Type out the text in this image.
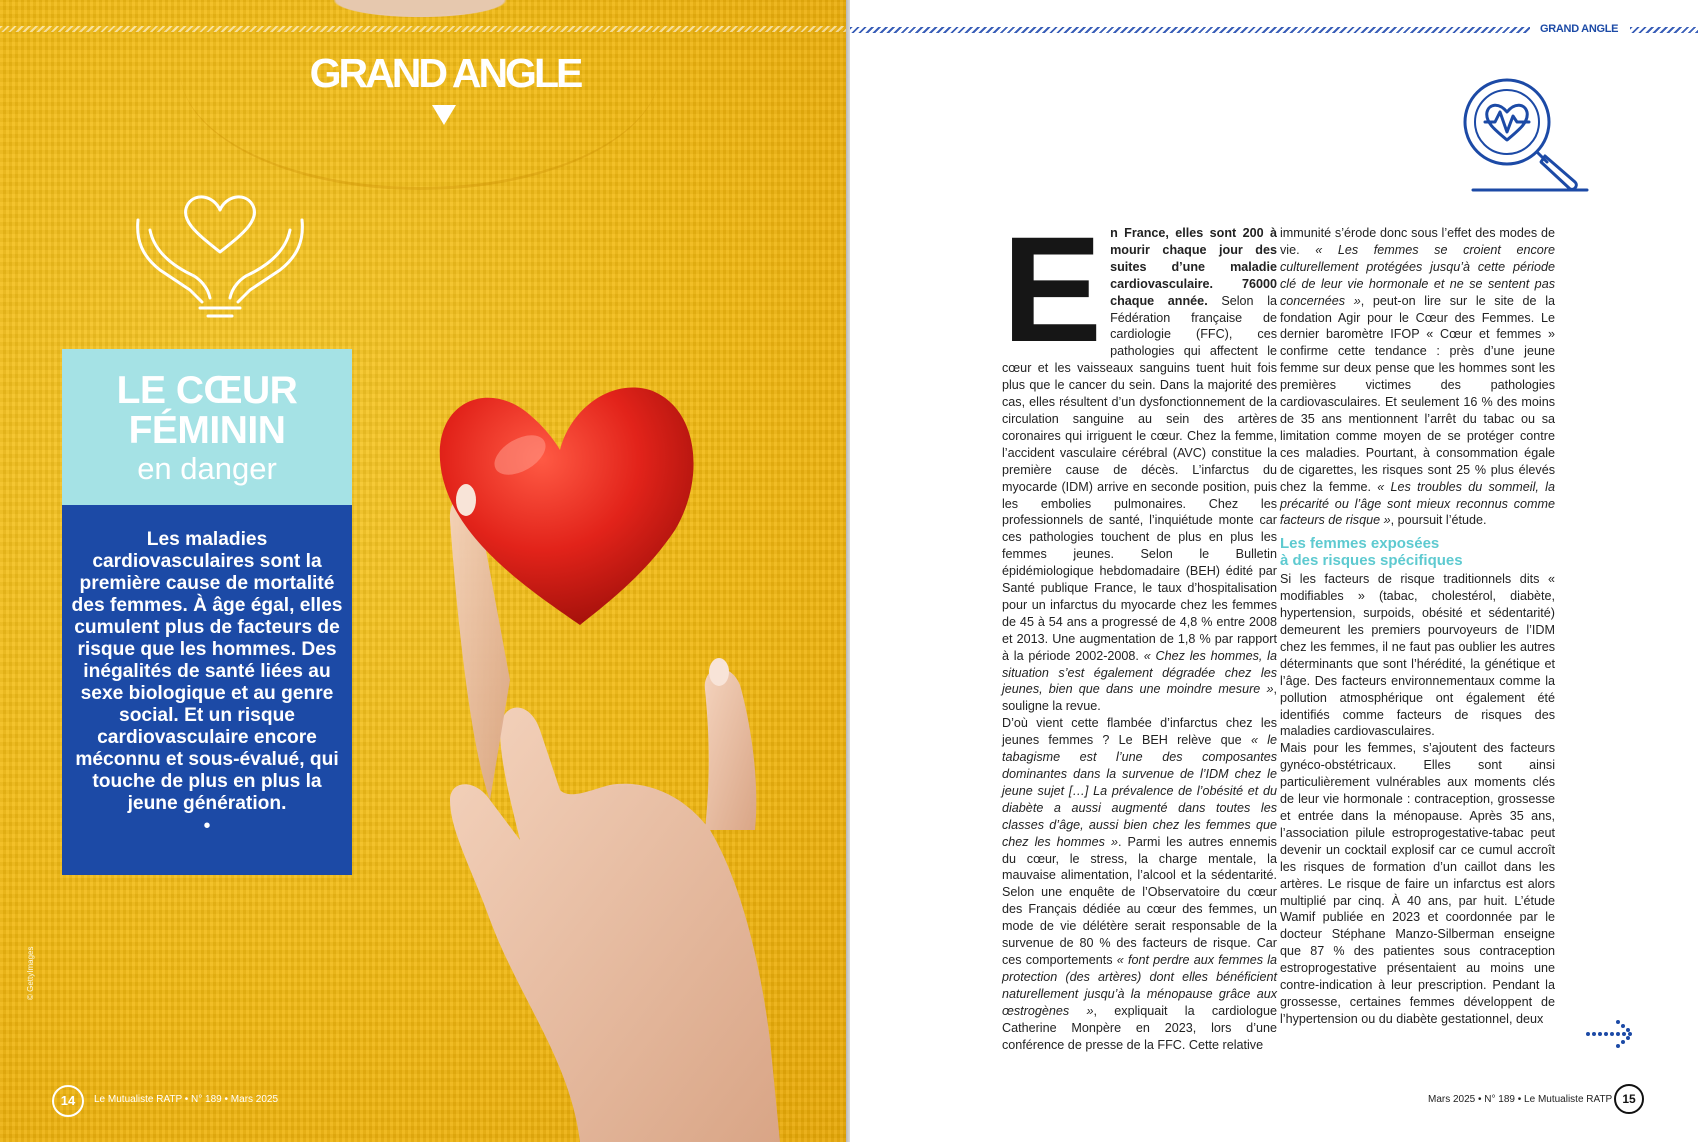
GRAND ANGLE
LE CŒUR
FÉMININ
en danger
Les maladies cardiovasculaires sont la première cause de mortalité des femmes. À âge égal, elles cumulent plus de facteurs de risque que les hommes. Des inégalités de santé liées au sexe biologique et au genre social. Et un risque cardiovasculaire encore méconnu et sous-évalué, qui touche de plus en plus la jeune génération.
•
© GettyImages
14	Le Mutualiste RATP • N° 189 • Mars 2025
GRAND ANGLE
E n France, elles sont 200 à mourir chaque jour des suites d’une maladie cardiovasculaire. 76000 chaque année. Selon la Fédération française de cardiologie (FFC), ces pathologies qui affectent le cœur et les vaisseaux sanguins tuent huit fois plus que le cancer du sein. Dans la majorité des cas, elles résultent d’un dysfonctionnement de la circulation sanguine au sein des artères coronaires qui irriguent le cœur. Chez la femme, l’accident vasculaire cérébral (AVC) constitue la première cause de décès. L’infarctus du myocarde (IDM) arrive en seconde position, puis les embolies pulmonaires. Chez les professionnels de santé, l’inquiétude monte car ces pathologies touchent de plus en plus les femmes jeunes. Selon le Bulletin épidémiologique hebdomadaire (BEH) édité par Santé publique France, le taux d’hospitalisation pour un infarctus du myocarde chez les femmes de 45 à 54 ans a progressé de 4,8 % entre 2008 et 2013. Une augmentation de 1,8 % par rapport à la période 2002-2008. « Chez les hommes, la situation s’est également dégradée chez les jeunes, bien que dans une moindre mesure », souligne la revue.

D’où vient cette flambée d’infarctus chez les jeunes femmes ? Le BEH relève que « le tabagisme est l’une des composantes dominantes dans la survenue de l’IDM chez le jeune sujet […] La prévalence de l’obésité et du diabète a aussi augmenté dans toutes les classes d’âge, aussi bien chez les femmes que chez les hommes ». Parmi les autres ennemis du cœur, le stress, la charge mentale, la mauvaise alimentation, l’alcool et la sédentarité. Selon une enquête de l’Observatoire du cœur des Français dédiée au cœur des femmes, un mode de vie délétère serait responsable de la survenue de 80 % des facteurs de risque. Car ces comportements « font perdre aux femmes la protection (des artères) dont elles bénéficient naturellement jusqu’à la ménopause grâce aux œstrogènes », expliquait la cardiologue Catherine Monpère en 2023, lors d’une conférence de presse de la FFC. Cette relative

immunité s’érode donc sous l’effet des modes de vie. « Les femmes se croient encore culturellement protégées jusqu’à cette période clé de leur vie hormonale et ne se sentent pas concernées », peut-on lire sur le site de la fondation Agir pour le Cœur des Femmes. Le dernier baromètre IFOP « Cœur et femmes » confirme cette tendance : près d’une jeune femme sur deux pense que les hommes sont les premières victimes des pathologies cardiovasculaires. Et seulement 16 % des moins de 35 ans mentionnent l’arrêt du tabac ou sa limitation comme moyen de se protéger contre ces maladies. Pourtant, à consommation égale de cigarettes, les risques sont 25 % plus élevés chez la femme. « Les troubles du sommeil, la précarité ou l’âge sont mieux reconnus comme facteurs de risque », poursuit l’étude.

Les femmes exposées
à des risques spécifiques

Si les facteurs de risque traditionnels dits « modifiables » (tabac, cholestérol, diabète, hypertension, surpoids, obésité et sédentarité) demeurent les premiers pourvoyeurs de l’IDM chez les femmes, il ne faut pas oublier les autres déterminants que sont l’hérédité, la génétique et l’âge. Des facteurs environnementaux comme la pollution atmosphérique ont également été identifiés comme facteurs de risques des maladies cardiovasculaires.

Mais pour les femmes, s’ajoutent des facteurs gynéco-obstétricaux. Elles sont ainsi particulièrement vulnérables aux moments clés de leur vie hormonale : contraception, grossesse et entrée dans la ménopause. Après 35 ans, l’association pilule estroprogestative-tabac peut devenir un cocktail explosif car ce cumul accroît les risques de formation d’un caillot dans les artères. Le risque de faire un infarctus est alors multiplié par cinq. À 40 ans, par huit. L’étude Wamif publiée en 2023 et coordonnée par le docteur Stéphane Manzo-Silberman enseigne que 87 % des patientes sous contraception estroprogestative présentaient au moins une contre-indication à leur prescription. Pendant la grossesse, certaines femmes développent de l’hypertension ou du diabète gestationnel, deux

Mars 2025 • N° 189 • Le Mutualiste RATP 15
